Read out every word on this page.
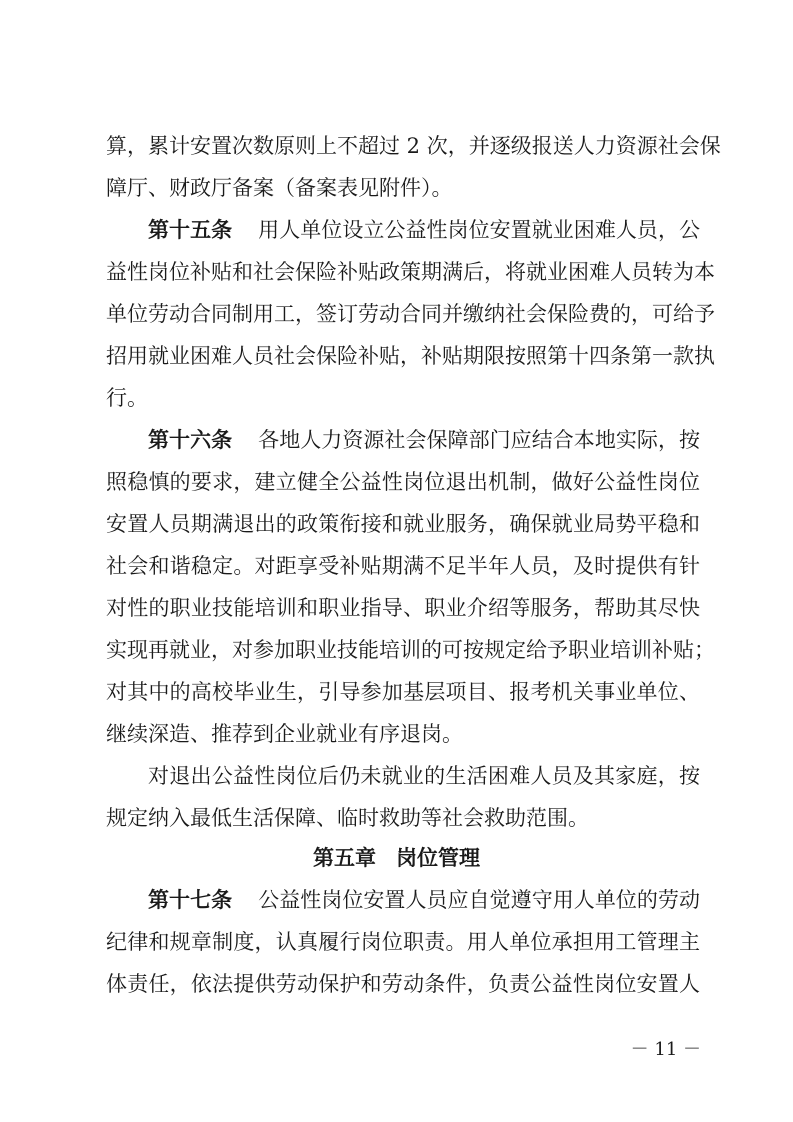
算，累计安置次数原则上不超过 2 次，并逐级报送人力资源社会保
障厅、财政厅备案（备案表见附件）。
第十五条 用人单位设立公益性岗位安置就业困难人员，公
益性岗位补贴和社会保险补贴政策期满后，将就业困难人员转为本
单位劳动合同制用工，签订劳动合同并缴纳社会保险费的，可给予
招用就业困难人员社会保险补贴，补贴期限按照第十四条第一款执
行。
第十六条 各地人力资源社会保障部门应结合本地实际，按
照稳慎的要求，建立健全公益性岗位退出机制，做好公益性岗位
安置人员期满退出的政策衔接和就业服务，确保就业局势平稳和
社会和谐稳定。对距享受补贴期满不足半年人员，及时提供有针
对性的职业技能培训和职业指导、职业介绍等服务，帮助其尽快
实现再就业，对参加职业技能培训的可按规定给予职业培训补贴；
对其中的高校毕业生，引导参加基层项目、报考机关事业单位、
继续深造、推荐到企业就业有序退岗。
对退出公益性岗位后仍未就业的生活困难人员及其家庭，按
规定纳入最低生活保障、临时救助等社会救助范围。
第五章 岗位管理
第十七条 公益性岗位安置人员应自觉遵守用人单位的劳动
纪律和规章制度，认真履行岗位职责。用人单位承担用工管理主
体责任，依法提供劳动保护和劳动条件，负责公益性岗位安置人
－ 11 －
